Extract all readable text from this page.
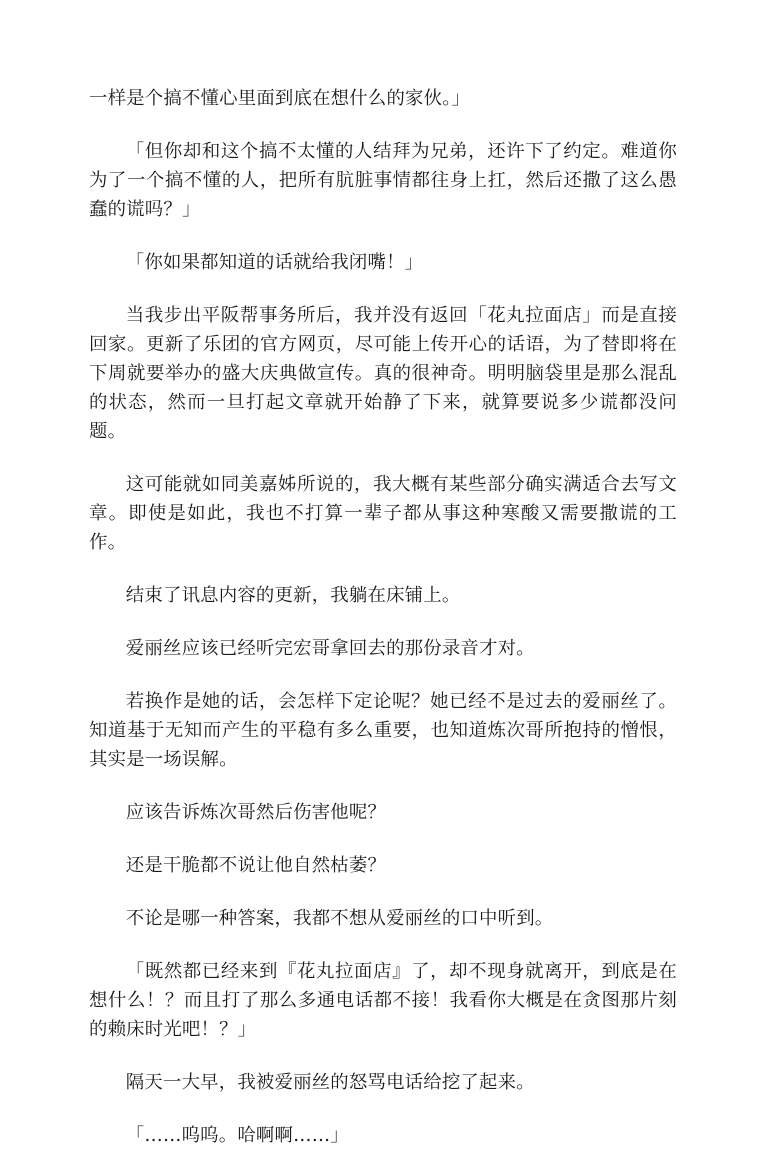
一样是个搞不懂心里面到底在想什么的家伙。」

「但你却和这个搞不太懂的人结拜为兄弟，还许下了约定。难道你为了一个搞不懂的人，把所有肮脏事情都往身上扛，然后还撒了这么愚蠢的谎吗？」

「你如果都知道的话就给我闭嘴！」

当我步出平阪帮事务所后，我并没有返回「花丸拉面店」而是直接回家。更新了乐团的官方网页，尽可能上传开心的话语，为了替即将在下周就要举办的盛大庆典做宣传。真的很神奇。明明脑袋里是那么混乱的状态，然而一旦打起文章就开始静了下来，就算要说多少谎都没问题。

这可能就如同美嘉姊所说的，我大概有某些部分确实满适合去写文章。即使是如此，我也不打算一辈子都从事这种寒酸又需要撒谎的工作。

结束了讯息内容的更新，我躺在床铺上。

爱丽丝应该已经听完宏哥拿回去的那份录音才对。

若换作是她的话，会怎样下定论呢？她已经不是过去的爱丽丝了。知道基于无知而产生的平稳有多么重要，也知道炼次哥所抱持的憎恨，其实是一场误解。

应该告诉炼次哥然后伤害他呢？

还是干脆都不说让他自然枯萎？

不论是哪一种答案，我都不想从爱丽丝的口中听到。

「既然都已经来到『花丸拉面店』了，却不现身就离开，到底是在想什么！？而且打了那么多通电话都不接！我看你大概是在贪图那片刻的赖床时光吧！？」

隔天一大早，我被爱丽丝的怒骂电话给挖了起来。

「……呜呜。哈啊啊……」
